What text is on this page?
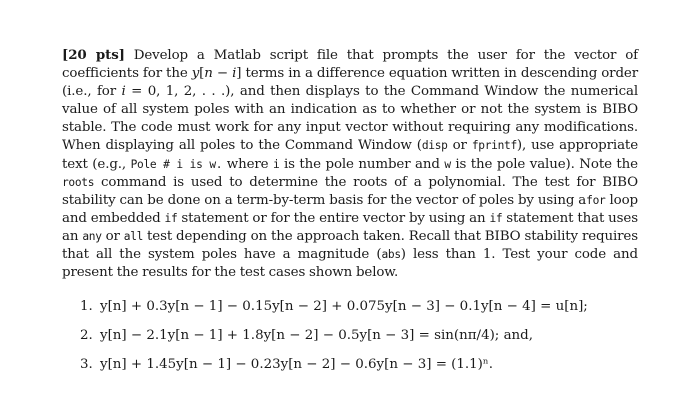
[20 pts] Develop a Matlab script file that prompts the user for the vector of coefficients for the y[n − i] terms in a difference equation written in descending order (i.e., for i = 0, 1, 2, . . .), and then displays to the Command Window the numerical value of all system poles with an indication as to whether or not the system is BIBO stable. The code must work for any input vector without requiring any modifications. When displaying all poles to the Command Window (disp or fprintf), use appropriate text (e.g., Pole # i is w. where i is the pole number and w is the pole value). Note the roots command is used to determine the roots of a polynomial. The test for BIBO stability can be done on a term-by-term basis for the vector of poles by using afor loop and embedded if statement or for the entire vector by using an if statement that uses an any or all test depending on the approach taken. Recall that BIBO stability requires that all the system poles have a magnitude (abs) less than 1. Test your code and present the results for the test cases shown below.

1. y[n] + 0.3y[n − 1] − 0.15y[n − 2] + 0.075y[n − 3] − 0.1y[n − 4] = u[n];
2. y[n] − 2.1y[n − 1] + 1.8y[n − 2] − 0.5y[n − 3] = sin(nπ/4); and,
3. y[n] + 1.45y[n − 1] − 0.23y[n − 2] − 0.6y[n − 3] = (1.1)ⁿ.
